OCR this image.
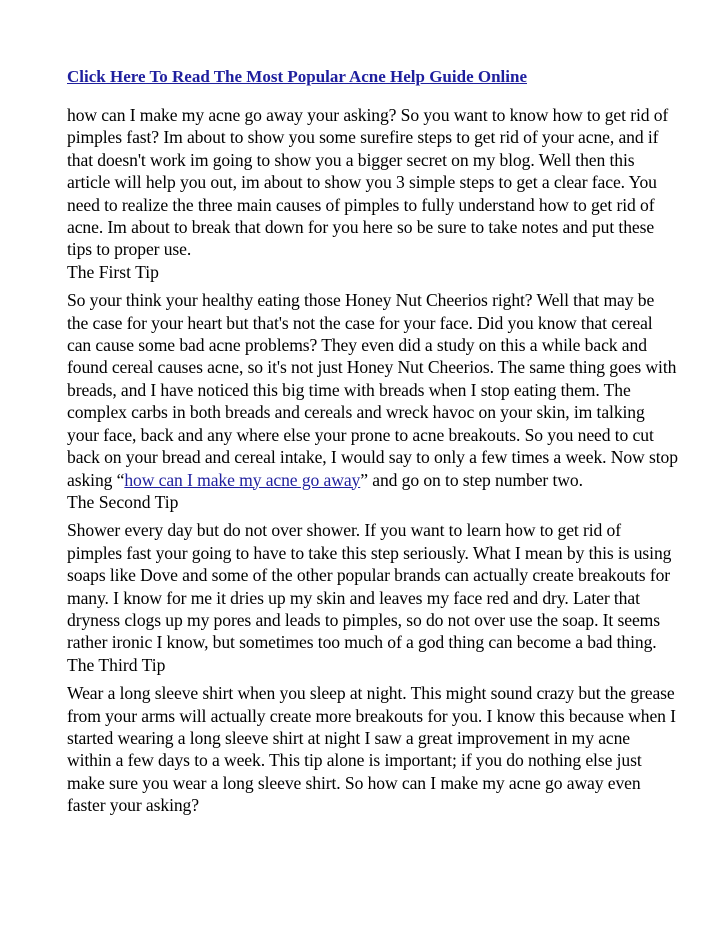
Click Here To Read The Most Popular Acne Help Guide Online

how can I make my acne go away your asking? So you want to know how to get rid of pimples fast? Im about to show you some surefire steps to get rid of your acne, and if that doesn't work im going to show you a bigger secret on my blog. Well then this article will help you out, im about to show you 3 simple steps to get a clear face. You need to realize the three main causes of pimples to fully understand how to get rid of acne. Im about to break that down for you here so be sure to take notes and put these tips to proper use.

The First Tip

So your think your healthy eating those Honey Nut Cheerios right? Well that may be the case for your heart but that's not the case for your face. Did you know that cereal can cause some bad acne problems? They even did a study on this a while back and found cereal causes acne, so it's not just Honey Nut Cheerios. The same thing goes with breads, and I have noticed this big time with breads when I stop eating them. The complex carbs in both breads and cereals and wreck havoc on your skin, im talking your face, back and any where else your prone to acne breakouts. So you need to cut back on your bread and cereal intake, I would say to only a few times a week. Now stop asking “how can I make my acne go away” and go on to step number two.

The Second Tip

Shower every day but do not over shower. If you want to learn how to get rid of pimples fast your going to have to take this step seriously. What I mean by this is using soaps like Dove and some of the other popular brands can actually create breakouts for many. I know for me it dries up my skin and leaves my face red and dry. Later that dryness clogs up my pores and leads to pimples, so do not over use the soap. It seems rather ironic I know, but sometimes too much of a god thing can become a bad thing.

The Third Tip

Wear a long sleeve shirt when you sleep at night. This might sound crazy but the grease from your arms will actually create more breakouts for you. I know this because when I started wearing a long sleeve shirt at night I saw a great improvement in my acne within a few days to a week. This tip alone is important; if you do nothing else just make sure you wear a long sleeve shirt. So how can I make my acne go away even faster your asking?
